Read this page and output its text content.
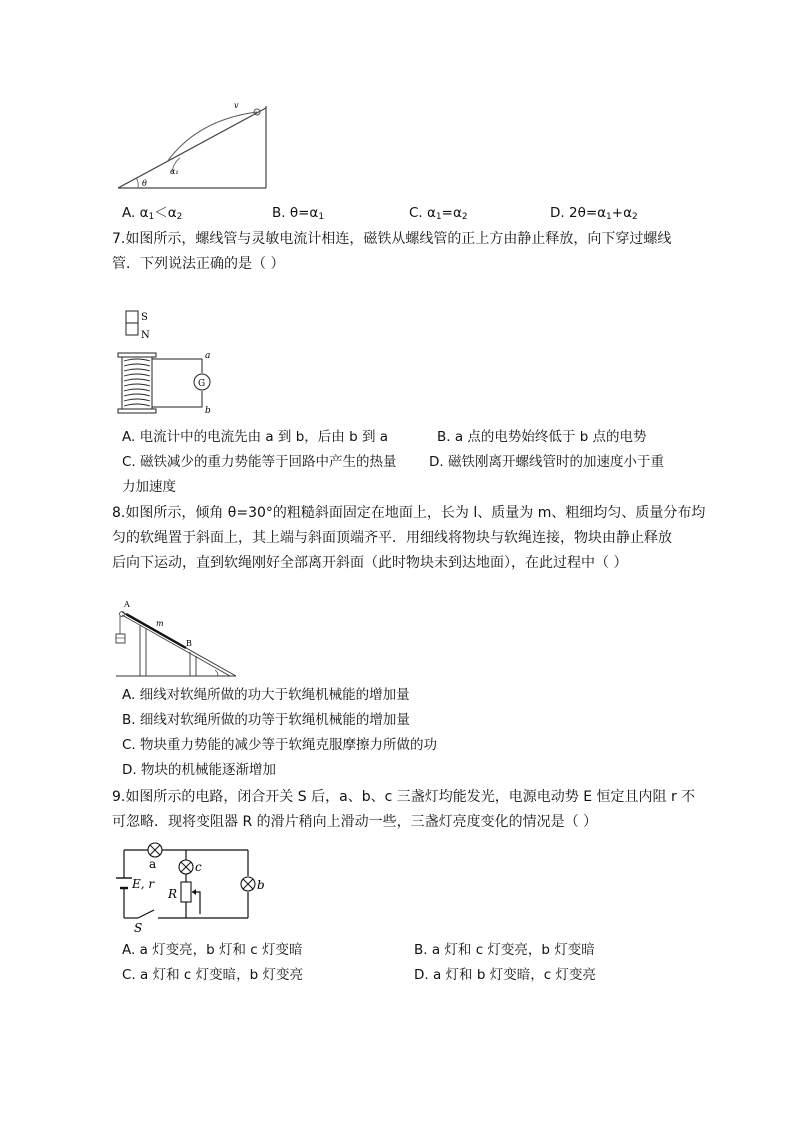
v
α₁
θ
A. $\alpha_1<\alpha_2$	B. $\theta=\alpha_1$	C. $\alpha_1=\alpha_2$	D. $2\theta=\alpha_1+\alpha_2$
7.如图所示，螺线管与灵敏电流计相连，磁铁从螺线管的正上方由静止释放，向下穿过螺线
管．下列说法正确的是（ ）
S
N
G
a
b
A. 电流计中的电流先由 a 到 b，后由 b 到 a	B. a 点的电势始终低于 b 点的电势
C. 磁铁减少的重力势能等于回路中产生的热量 D. 磁铁刚离开螺线管时的加速度小于重
力加速度
8.如图所示，倾角 θ=30°的粗糙斜面固定在地面上，长为 l、质量为 m、粗细均匀、质量分布均
匀的软绳置于斜面上，其上端与斜面顶端齐平．用细线将物块与软绳连接，物块由静止释放
后向下运动，直到软绳刚好全部离开斜面（此时物块未到达地面），在此过程中（ ）
A
B
m
A. 细线对软绳所做的功大于软绳机械能的增加量
B. 细线对软绳所做的功等于软绳机械能的增加量
C. 物块重力势能的减少等于软绳克服摩擦力所做的功
D. 物块的机械能逐渐增加
9.如图所示的电路，闭合开关 S 后，a、b、c 三盏灯均能发光，电源电动势 E 恒定且内阻 r 不
可忽略．现将变阻器 R 的滑片稍向上滑动一些，三盏灯亮度变化的情况是（ ）
a	c
b
E, r
R
S
A. a 灯变亮，b 灯和 c 灯变暗	B. a 灯和 c 灯变亮，b 灯变暗
C. a 灯和 c 灯变暗，b 灯变亮	D. a 灯和 b 灯变暗，c 灯变亮
